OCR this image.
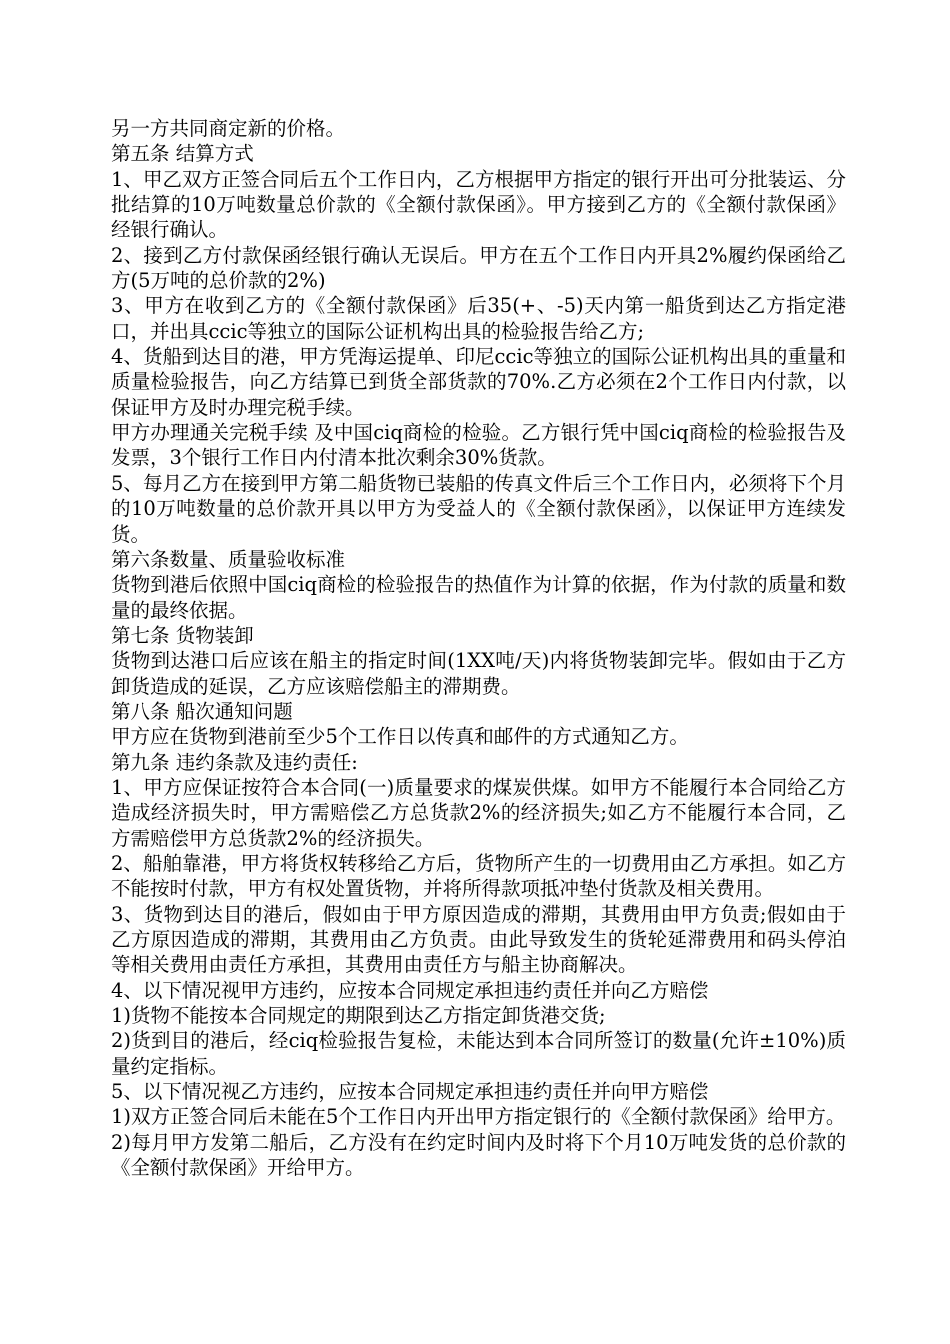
另一方共同商定新的价格。

第五条 结算方式

1、甲乙双方正签合同后五个工作日内，乙方根据甲方指定的银行开出可分批装运、分批结算的10万吨数量总价款的《全额付款保函》。甲方接到乙方的《全额付款保函》经银行确认。

2、接到乙方付款保函经银行确认无误后。甲方在五个工作日内开具2%履约保函给乙方(5万吨的总价款的2%)

3、甲方在收到乙方的《全额付款保函》后35(+、-5)天内第一船货到达乙方指定港口，并出具ccic等独立的国际公证机构出具的检验报告给乙方;

4、货船到达目的港，甲方凭海运提单、印尼ccic等独立的国际公证机构出具的重量和质量检验报告，向乙方结算已到货全部货款的70%.乙方必须在2个工作日内付款，以保证甲方及时办理完税手续。

甲方办理通关完税手续 及中国ciq商检的检验。乙方银行凭中国ciq商检的检验报告及发票，3个银行工作日内付清本批次剩余30%货款。

5、每月乙方在接到甲方第二船货物已装船的传真文件后三个工作日内，必须将下个月的10万吨数量的总价款开具以甲方为受益人的《全额付款保函》，以保证甲方连续发货。

第六条数量、质量验收标准

货物到港后依照中国ciq商检的检验报告的热值作为计算的依据，作为付款的质量和数量的最终依据。

第七条 货物装卸

货物到达港口后应该在船主的指定时间(1XX吨/天)内将货物装卸完毕。假如由于乙方卸货造成的延误，乙方应该赔偿船主的滞期费。

第八条 船次通知问题

甲方应在货物到港前至少5个工作日以传真和邮件的方式通知乙方。

第九条 违约条款及违约责任:

1、甲方应保证按符合本合同(一)质量要求的煤炭供煤。如甲方不能履行本合同给乙方造成经济损失时，甲方需赔偿乙方总货款2%的经济损失;如乙方不能履行本合同，乙方需赔偿甲方总货款2%的经济损失。

2、船舶靠港，甲方将货权转移给乙方后，货物所产生的一切费用由乙方承担。如乙方不能按时付款，甲方有权处置货物，并将所得款项抵冲垫付货款及相关费用。

3、货物到达目的港后，假如由于甲方原因造成的滞期，其费用由甲方负责;假如由于乙方原因造成的滞期，其费用由乙方负责。由此导致发生的货轮延滞费用和码头停泊等相关费用由责任方承担，其费用由责任方与船主协商解决。

4、以下情况视甲方违约，应按本合同规定承担违约责任并向乙方赔偿

1)货物不能按本合同规定的期限到达乙方指定卸货港交货;

2)货到目的港后，经ciq检验报告复检，未能达到本合同所签订的数量(允许±10%)质量约定指标。

5、以下情况视乙方违约，应按本合同规定承担违约责任并向甲方赔偿

1)双方正签合同后未能在5个工作日内开出甲方指定银行的《全额付款保函》给甲方。

2)每月甲方发第二船后，乙方没有在约定时间内及时将下个月10万吨发货的总价款的《全额付款保函》开给甲方。
